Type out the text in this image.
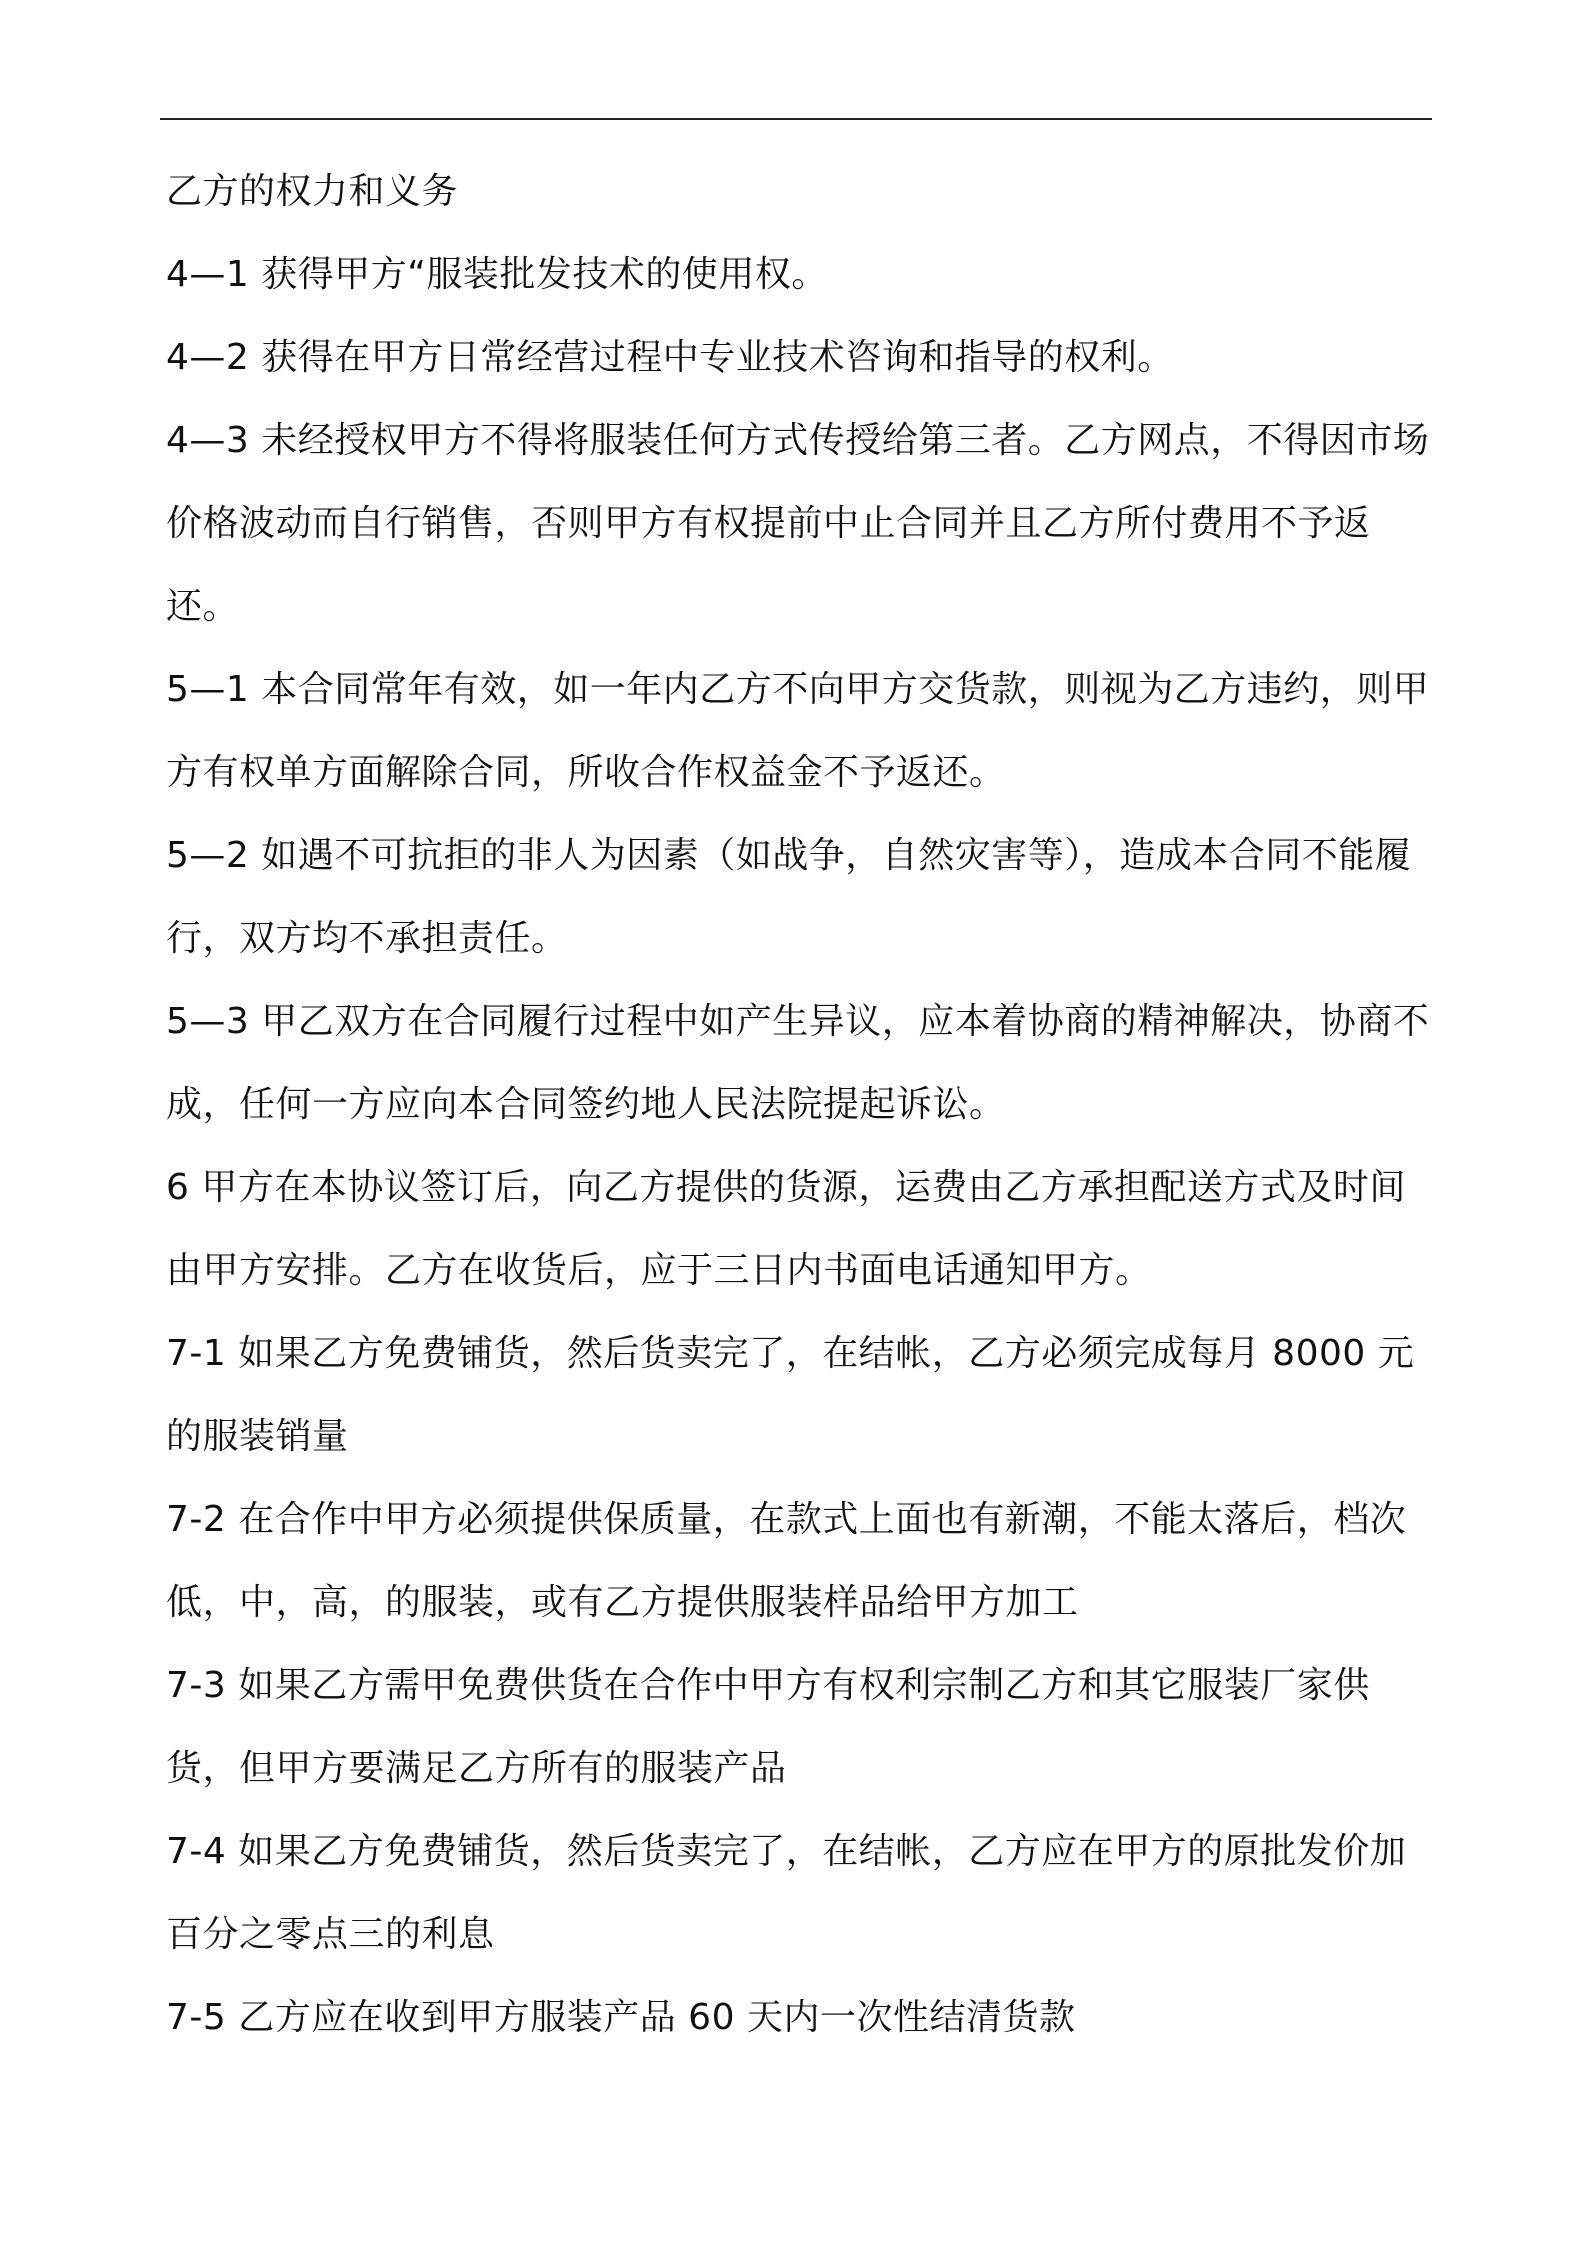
乙方的权力和义务

4—1 获得甲方“服装批发技术的使用权。

4—2 获得在甲方日常经营过程中专业技术咨询和指导的权利。

4—3 未经授权甲方不得将服装任何方式传授给第三者。乙方网点，不得因市场价格波动而自行销售，否则甲方有权提前中止合同并且乙方所付费用不予返还。

5—1 本合同常年有效，如一年内乙方不向甲方交货款，则视为乙方违约，则甲方有权单方面解除合同，所收合作权益金不予返还。

5—2 如遇不可抗拒的非人为因素（如战争，自然灾害等），造成本合同不能履行，双方均不承担责任。

5—3 甲乙双方在合同履行过程中如产生异议，应本着协商的精神解决，协商不成，任何一方应向本合同签约地人民法院提起诉讼。

6 甲方在本协议签订后，向乙方提供的货源，运费由乙方承担配送方式及时间由甲方安排。乙方在收货后，应于三日内书面电话通知甲方。

7-1 如果乙方免费铺货，然后货卖完了，在结帐，乙方必须完成每月 8000 元的服装销量

7-2 在合作中甲方必须提供保质量，在款式上面也有新潮，不能太落后，档次低，中，高，的服装，或有乙方提供服装样品给甲方加工

7-3 如果乙方需甲免费供货在合作中甲方有权利宗制乙方和其它服装厂家供货，但甲方要满足乙方所有的服装产品

7-4 如果乙方免费铺货，然后货卖完了，在结帐，乙方应在甲方的原批发价加百分之零点三的利息

7-5 乙方应在收到甲方服装产品 60 天内一次性结清货款
